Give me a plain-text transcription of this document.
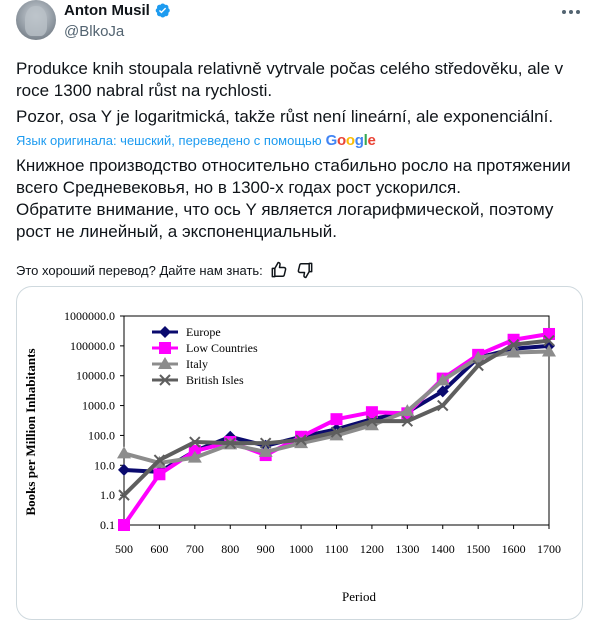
Anton Musil
@BlkoJa

Produkce knih stoupala relativně vytrvale počas celého středověku, ale v roce 1300 nabral růst na rychlosti.

Pozor, osa Y je logaritmická, takže růst není lineární, ale exponenciální.

Язык оригинала: чешский, переведено с помощью Google

Книжное производство относительно стабильно росло на протяжении всего Средневековья, но в 1300-х годах рост ускорился.

Обратите внимание, что ось Y является логарифмической, поэтому рост не линейный, а экспоненциальный.

Это хороший перевод? Дайте нам знать:
0.1
1.0
10.0
100.0
1000.0
10000.0
100000.0
1000000.0
500 600 700 800 900 1000 1100 1200 1300 1400 1500 1600 1700
Europe
Low Countries
Italy
British Isles
Books per Million Inhabitants
Period
